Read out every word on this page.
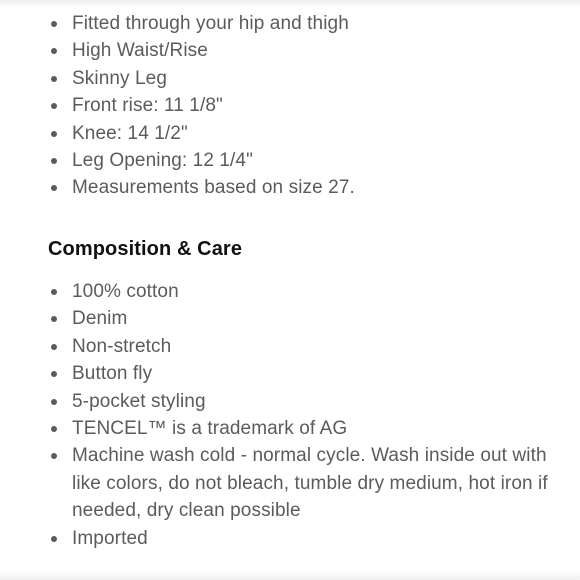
Fitted through your hip and thigh
High Waist/Rise
Skinny Leg
Front rise: 11 1/8"
Knee: 14 1/2"
Leg Opening: 12 1/4"
Measurements based on size 27.
Composition & Care
100% cotton
Denim
Non-stretch
Button fly
5-pocket styling
TENCEL™ is a trademark of AG
Machine wash cold - normal cycle. Wash inside out with like colors, do not bleach, tumble dry medium, hot iron if needed, dry clean possible
Imported
